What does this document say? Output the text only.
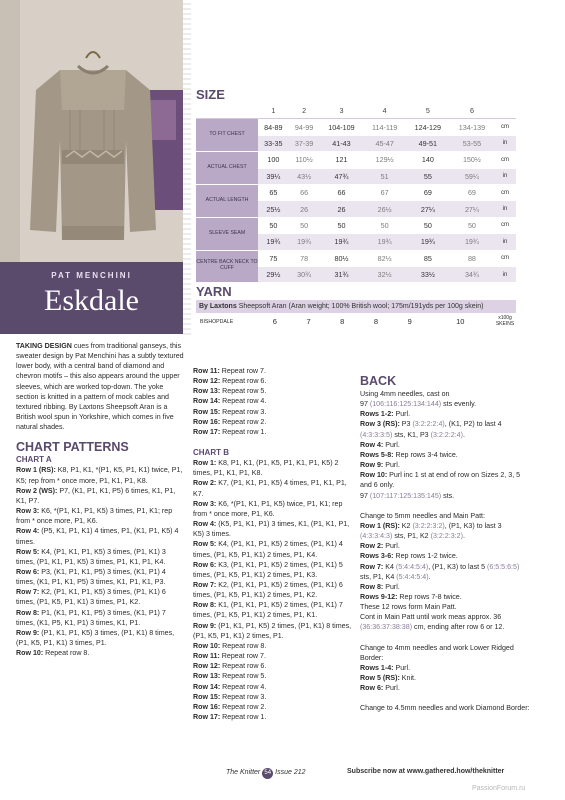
PAT MENCHINI
Eskdale
SIZE
	1	2	3	4	5	6	
TO FIT CHEST	84-89	94-99	104-109	114-119	124-129	134-139	cm
	33-35	37-39	41-43	45-47	49-51	53-55	in
ACTUAL CHEST	100	110½	121	129½	140	150½	cm
	39¼	43½	47¾	51	55	59¼	in
ACTUAL LENGTH	65	66	66	67	69	69	cm
	25½	26	26	26½	27¼	27¼	in
SLEEVE SEAM	50	50	50	50	50	50	cm
	19¾	19¾	19¾	19¾	19¾	19¾	in
CENTRE BACK NECK TO CUFF	75	78	80½	82½	85	88	cm
	29½	30¾	31¾	32½	33½	34¾	in
YARN
By Laxtons Sheepsoft Aran (Aran weight; 100% British wool; 175m/191yds per 100g skein)
BISHOPDALE	6	7	8	8	9	10	x100g SKEINS

TAKING DESIGN cues from traditional ganseys, this sweater design by Pat Menchini has a subtly textured lower body, with a central band of diamond and chevron motifs – this also appears around the upper sleeves, which are worked top-down. The yoke section is knitted in a pattern of mock cables and textured ribbing. By Laxtons Sheepsoft Aran is a British wool spun in Yorkshire, which comes in five natural shades.

CHART PATTERNS
CHART A

Row 1 (RS): K8, P1, K1, *(P1, K5, P1, K1) twice, P1, K5; rep from * once more, P1, K1, P1, K8.

Row 2 (WS): P7, (K1, P1, K1, P5) 6 times, K1, P1, K1, P7.

Row 3: K6, *(P1, K1, P1, K5) 3 times, P1, K1; rep from * once more, P1, K6.

Row 4: (P5, K1, P1, K1) 4 times, P1, (K1, P1, K5) 4 times.

Row 5: K4, (P1, K1, P1, K5) 3 times, (P1, K1) 3 times, (P1, K1, P1, K5) 3 times, P1, K1, P1, K4.

Row 6: P3, (K1, P1, K1, P5) 3 times, (K1, P1) 4 times, (K1, P1, K1, P5) 3 times, K1, P1, K1, P3.

Row 7: K2, (P1, K1, P1, K5) 3 times, (P1, K1) 6 times, (P1, K5, P1, K1) 3 times, P1, K2.

Row 8: P1, (K1, P1, K1, P5) 3 times, (K1, P1) 7 times, (K1, P5, K1, P1) 3 times, K1, P1.

Row 9: (P1, K1, P1, K5) 3 times, (P1, K1) 8 times, (P1, K5, P1, K1) 3 times, P1.

Row 10: Repeat row 8.

Row 11: Repeat row 7.

Row 12: Repeat row 6.

Row 13: Repeat row 5.

Row 14: Repeat row 4.

Row 15: Repeat row 3.

Row 16: Repeat row 2.

Row 17: Repeat row 1.

CHART B

Row 1: K8, P1, K1, (P1, K5, P1, K1, P1, K5) 2 times, P1, K1, P1, K8.

Row 2: K7, (P1, K1, P1, K5) 4 times, P1, K1, P1, K7.

Row 3: K6, *(P1, K1, P1, K5) twice, P1, K1; rep from * once more, P1, K6.

Row 4: (K5, P1, K1, P1) 3 times, K1, (P1, K1, P1, K5) 3 times.

Row 5: K4, (P1, K1, P1, K5) 2 times, (P1, K1) 4 times, (P1, K5, P1, K1) 2 times, P1, K4.

Row 6: K3, (P1, K1, P1, K5) 2 times, (P1, K1) 5 times, (P1, K5, P1, K1) 2 times, P1, K3.

Row 7: K2, (P1, K1, P1, K5) 2 times, (P1, K1) 6 times, (P1, K5, P1, K1) 2 times, P1, K2.

Row 8: K1, (P1, K1, P1, K5) 2 times, (P1, K1) 7 times, (P1, K5, P1, K1) 2 times, P1, K1.

Row 9: (P1, K1, P1, K5) 2 times, (P1, K1) 8 times, (P1, K5, P1, K1) 2 times, P1.

Row 10: Repeat row 8.

Row 11: Repeat row 7.

Row 12: Repeat row 6.

Row 13: Repeat row 5.

Row 14: Repeat row 4.

Row 15: Repeat row 3.

Row 16: Repeat row 2.

Row 17: Repeat row 1.

BACK

Using 4mm needles, cast on
97 (106:116:125:134:144) sts evenly.

Rows 1-2: Purl.

Row 3 (RS): P3 (3:2:2:2:4), (K1, P2) to last 4 (4:3:3:3:5) sts, K1, P3 (3:2:2:2:4).

Row 4: Purl.

Rows 5-8: Rep rows 3-4 twice.

Row 9: Purl.

Row 10: Purl inc 1 st at end of row on Sizes 2, 3, 5 and 6 only.
97 (107:117:125:135:145) sts.

Change to 5mm needles and Main Patt:

Row 1 (RS): K2 (3:2:2:3:2), (P1, K3) to last 3 (4:3:3:4:3) sts, P1, K2 (3:2:2:3:2).

Row 2: Purl.

Rows 3-6: Rep rows 1-2 twice.

Row 7: K4 (5:4:4:5:4), (P1, K3) to last 5 (6:5:5:6:5) sts, P1, K4 (5:4:4:5:4).

Row 8: Purl.

Rows 9-12: Rep rows 7-8 twice.

These 12 rows form Main Patt.

Cont in Main Patt until work meas approx. 36 (36:36:37:38:38) cm, ending after row 6 or 12.

Change to 4mm needles and work Lower Ridged Border:

Rows 1-4: Purl.

Row 5 (RS): Knit.

Row 6: Purl.

Change to 4.5mm needles and work Diamond Border:

The Knitter 54 Issue 212	Subscribe now at www.gathered.how/theknitter
PassionForum.ru
